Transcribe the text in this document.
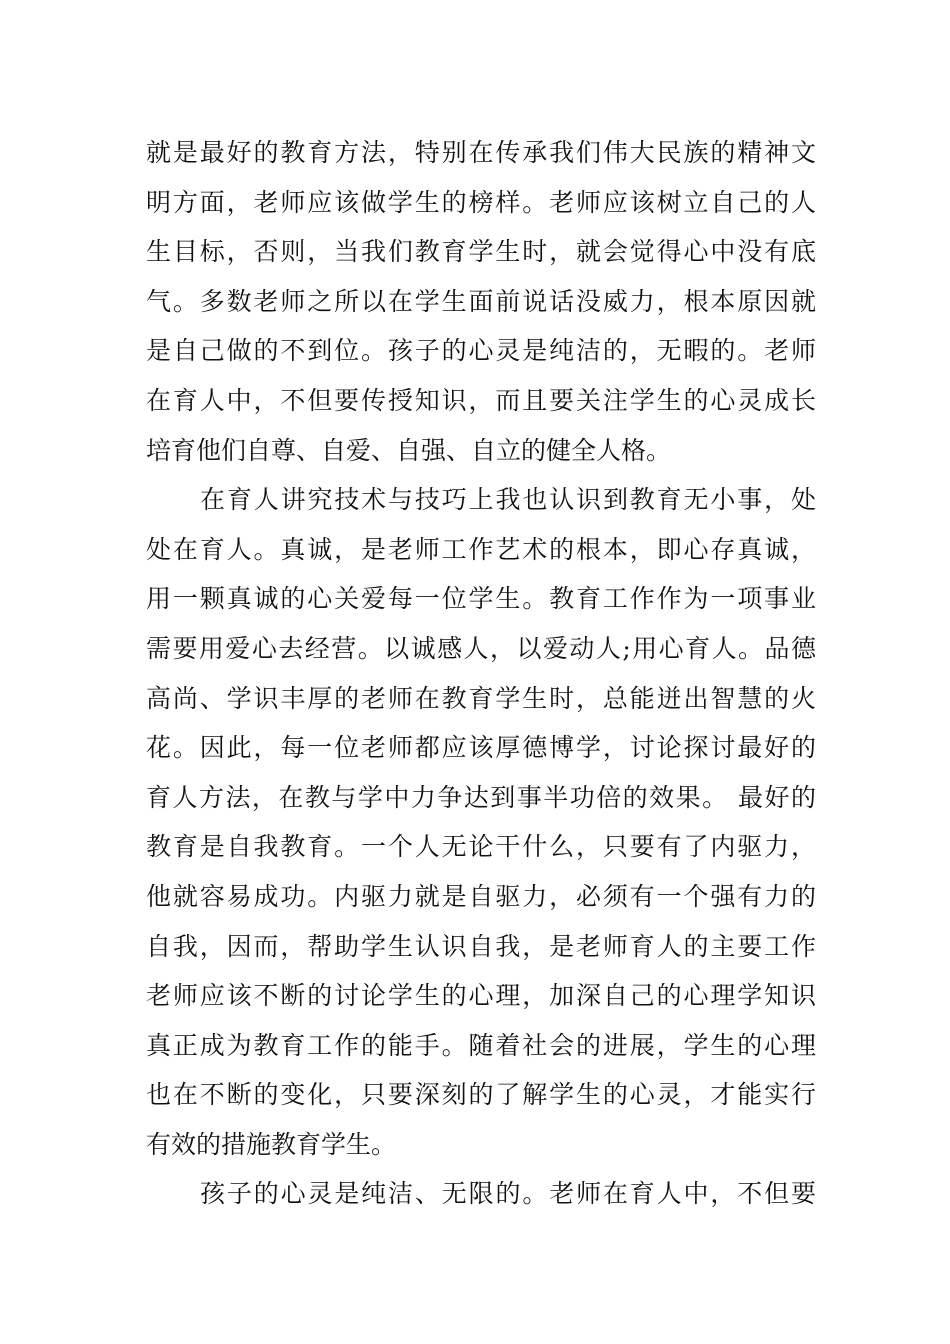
就是最好的教育方法，特别在传承我们伟大民族的精神文
明方面，老师应该做学生的榜样。老师应该树立自己的人
生目标，否则，当我们教育学生时，就会觉得心中没有底
气。多数老师之所以在学生面前说话没威力，根本原因就
是自己做的不到位。孩子的心灵是纯洁的，无暇的。老师
在育人中，不但要传授知识，而且要关注学生的心灵成长
培育他们自尊、自爱、自强、自立的健全人格。
在育人讲究技术与技巧上我也认识到教育无小事，处
处在育人。真诚，是老师工作艺术的根本，即心存真诚，
用一颗真诚的心关爱每一位学生。教育工作作为一项事业
需要用爱心去经营。以诚感人，以爱动人;用心育人。品德
高尚、学识丰厚的老师在教育学生时，总能迸出智慧的火
花。因此，每一位老师都应该厚德博学，讨论探讨最好的
育人方法，在教与学中力争达到事半功倍的效果。 最好的
教育是自我教育。一个人无论干什么，只要有了内驱力，
他就容易成功。内驱力就是自驱力，必须有一个强有力的
自我，因而，帮助学生认识自我，是老师育人的主要工作
老师应该不断的讨论学生的心理，加深自己的心理学知识
真正成为教育工作的能手。随着社会的进展，学生的心理
也在不断的变化，只要深刻的了解学生的心灵，才能实行
有效的措施教育学生。
孩子的心灵是纯洁、无限的。老师在育人中，不但要
